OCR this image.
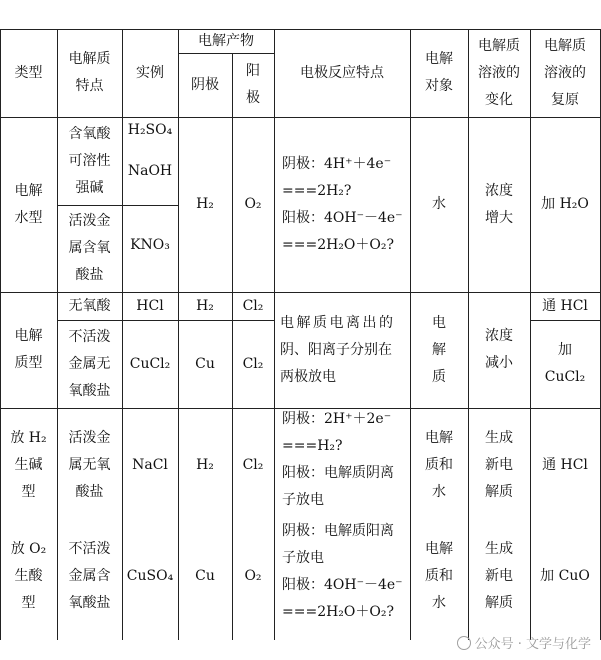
类型
电解质
特点
实例
电解产物
阴极
阳
极
电极反应特点
电解
对象
电解质
溶液的
变化
电解质
溶液的
复原
电解
水型
含氧酸
可溶性
强碱
活泼金
属含氧
酸盐
H₂SO₄
NaOH
KNO₃
H₂ O₂
阴极：4H⁺＋4e⁻
===2H₂?
阳极：4OH⁻－4e⁻
===2H₂O＋O₂?
水
浓度
增大
加 H₂O
电解
质型
无氧酸
不活泼
金属无
氧酸盐
HCl
CuCl₂
H₂
Cu
Cl₂
Cl₂
电解质电离出的
阴、阳离子分别在
两极放电
电
解
质
浓度
减小
通 HCl
加
CuCl₂
放 H₂
生碱
型
活泼金
属无氧
酸盐
NaCl H₂ Cl₂
阴极：2H⁺＋2e⁻
===H₂?
阳极：电解质阴离
子放电
电解
质和
水
生成
新电
解质
通 HCl
放 O₂
生酸
型
不活泼
金属含
氧酸盐
CuSO₄ Cu O₂
阴极：电解质阳离
子放电
阳极：4OH⁻－4e⁻
===2H₂O＋O₂?
电解
质和
水
生成
新电
解质
加 CuO
公众号 · 文学与化学
